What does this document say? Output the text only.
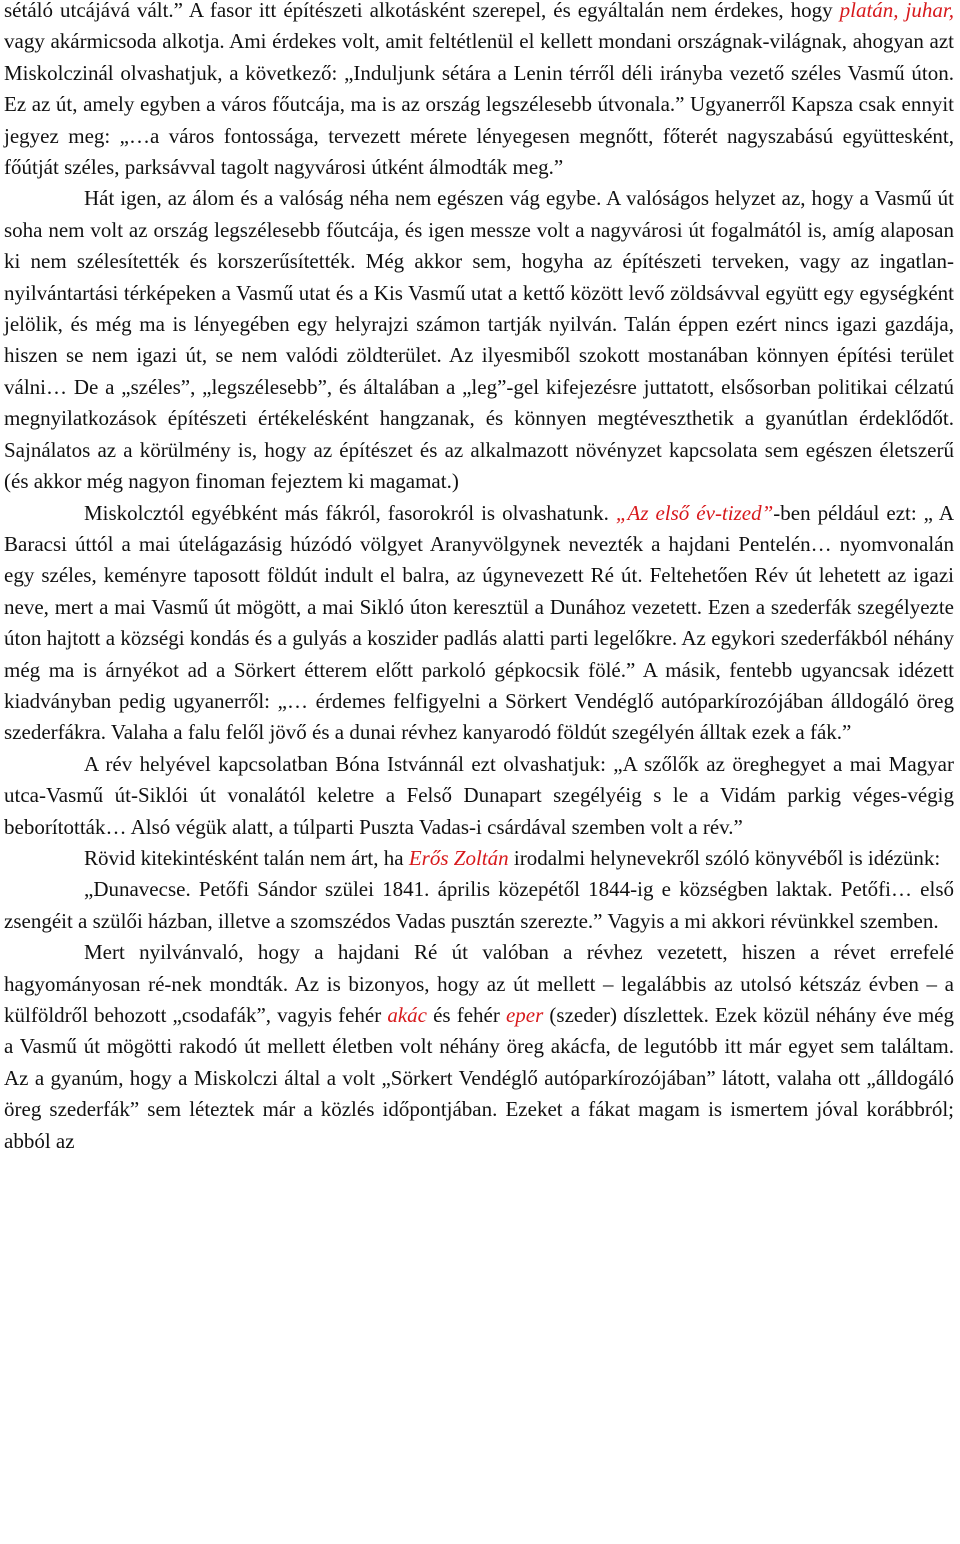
sétáló utcájává vált.” A fasor itt építészeti alkotásként szerepel, és egyáltalán nem érdekes, hogy platán, juhar, vagy akármicsoda alkotja. Ami érdekes volt, amit feltétlenül el kellett mondani országnak-világnak, ahogyan azt Miskolczinál olvashatjuk, a következő: „Induljunk sétára a Lenin térről déli irányba vezető széles Vasmű úton. Ez az út, amely egyben a város főutcája, ma is az ország legszélesebb útvonala.” Ugyanerről Kapsza csak ennyit jegyez meg: „…a város fontossága, tervezett mérete lényegesen megnőtt, főterét nagyszabású együttesként, főútját széles, parksávval tagolt nagyvárosi útként álmodták meg.”

Hát igen, az álom és a valóság néha nem egészen vág egybe. A valóságos helyzet az, hogy a Vasmű út soha nem volt az ország legszélesebb főutcája, és igen messze volt a nagyvárosi út fogalmától is, amíg alaposan ki nem szélesítették és korszerűsítették. Még akkor sem, hogyha az építészeti terveken, vagy az ingatlan-nyilvántartási térképeken a Vasmű utat és a Kis Vasmű utat a kettő között levő zöldsávval együtt egy egységként jelölik, és még ma is lényegében egy helyrajzi számon tartják nyilván. Talán éppen ezért nincs igazi gazdája, hiszen se nem igazi út, se nem valódi zöldterület. Az ilyesmiből szokott mostanában könnyen építési terület válni… De a „széles”, „legszélesebb”, és általában a „leg”-gel kifejezésre juttatott, elsősorban politikai célzatú megnyilatkozások építészeti értékelésként hangzanak, és könnyen megtéveszthetik a gyanútlan érdeklődőt. Sajnálatos az a körülmény is, hogy az építészet és az alkalmazott növényzet kapcsolata sem egészen életszerű (és akkor még nagyon finoman fejeztem ki magamat.)

Miskolcztól egyébként más fákról, fasorokról is olvashatunk. „Az első év-tized”-ben például ezt: „ A Baracsi úttól a mai útelágazásig húzódó völgyet Aranyvölgynek nevezték a hajdani Pentelén… nyomvonalán egy széles, keményre taposott földút indult el balra, az úgynevezett Ré út. Feltehetően Rév út lehetett az igazi neve, mert a mai Vasmű út mögött, a mai Sikló úton keresztül a Dunához vezetett. Ezen a szederfák szegélyezte úton hajtott a községi kondás és a gulyás a koszider padlás alatti parti legelőkre. Az egykori szederfákból néhány még ma is árnyékot ad a Sörkert étterem előtt parkoló gépkocsik fölé.” A másik, fentebb ugyancsak idézett kiadványban pedig ugyanerről: „… érdemes felfigyelni a Sörkert Vendéglő autóparkírozójában álldogáló öreg szederfákra. Valaha a falu felől jövő és a dunai révhez kanyarodó földút szegélyén álltak ezek a fák.”

A rév helyével kapcsolatban Bóna Istvánnál ezt olvashatjuk: „A szőlők az öreghegyet a mai Magyar utca-Vasmű út-Siklói út vonalától keletre a Felső Dunapart szegélyéig s le a Vidám parkig véges-végig beborították… Alsó végük alatt, a túlparti Puszta Vadas-i csárdával szemben volt a rév.”

Rövid kitekintésként talán nem árt, ha Erős Zoltán irodalmi helynevekről szóló könyvéből is idézünk:

„Dunavecse. Petőfi Sándor szülei 1841. április közepétől 1844-ig e községben laktak. Petőfi… első zsengéit a szülői házban, illetve a szomszédos Vadas pusztán szerezte.” Vagyis a mi akkori révünkkel szemben.

Mert nyilvánvaló, hogy a hajdani Ré út valóban a révhez vezetett, hiszen a révet errefelé hagyományosan ré-nek mondták. Az is bizonyos, hogy az út mellett – legalábbis az utolsó kétszáz évben – a külföldről behozott „csodafák”, vagyis fehér akác és fehér eper (szeder) díszlettek. Ezek közül néhány éve még a Vasmű út mögötti rakodó út mellett életben volt néhány öreg akácfa, de legutóbb itt már egyet sem találtam. Az a gyanúm, hogy a Miskolczi által a volt „Sörkert Vendéglő autóparkírozójában” látott, valaha ott „álldogáló öreg szederfák” sem léteztek már a közlés időpontjában. Ezeket a fákat magam is ismertem jóval korábbról; abból az
